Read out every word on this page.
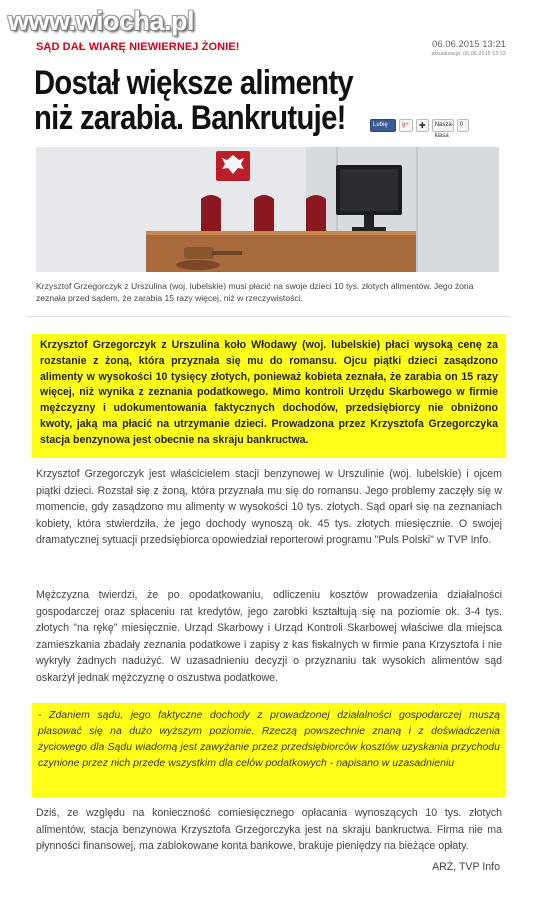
www.wiocha.pl
SĄD DAŁ WIARĘ NIEWIERNEJ ŻONIE!	06.06.2015 13:21
aktualizacja: 06.06.2015 13:22
Dostał większe alimenty niż zarabia. Bankrutuje!	Lubię to!
g+	✚	Nasza-klasa
0

Krzysztof Grzegorczyk z Urszulina (woj. lubelskie) musi płacić na swoje dzieci 10 tys. złotych alimentów. Jego żona zeznała przed sądem, że zarabia 15 razy więcej, niż w rzeczywistości.

Krzysztof Grzegorczyk z Urszulina koło Włodawy (woj. lubelskie) płaci wysoką cenę za rozstanie z żoną, która przyznała się mu do romansu. Ojcu piątki dzieci zasądzono alimenty w wysokości 10 tysięcy złotych, ponieważ kobieta zeznała, że zarabia on 15 razy więcej, niż wynika z zeznania podatkowego. Mimo kontroli Urzędu Skarbowego w firmie mężczyzny i udokumentowania faktycznych dochodów, przedsiębiorcy nie obniżono kwoty, jaką ma płacić na utrzymanie dzieci. Prowadzona przez Krzysztofa Grzegorczyka stacja benzynowa jest obecnie na skraju bankructwa.

Krzysztof Grzegorczyk jest właścicielem stacji benzynowej w Urszulinie (woj. lubelskie) i ojcem piątki dzieci. Rozstał się z żoną, która przyznała mu się do romansu. Jego problemy zaczęły się w momencie, gdy zasądzono mu alimenty w wysokości 10 tys. złotych. Sąd oparł się na zeznaniach kobiety, która stwierdziła, że jego dochody wynoszą ok. 45 tys. złotych miesięcznie. O swojej dramatycznej sytuacji przedsiębiorca opowiedział reporterowi programu "Puls Polski" w TVP Info.

Mężczyzna twierdzi, że po opodatkowaniu, odliczeniu kosztów prowadzenia działalności gospodarczej oraz spłaceniu rat kredytów, jego zarobki kształtują się na poziomie ok. 3-4 tys. złotych "na rękę" miesięcznie. Urząd Skarbowy i Urząd Kontroli Skarbowej właściwe dla miejsca zamieszkania zbadały zeznania podatkowe i zapisy z kas fiskalnych w firmie pana Krzysztofa i nie wykryły żadnych nadużyć. W uzasadnieniu decyzji o przyznaniu tak wysokich alimentów sąd oskarżył jednak mężczyznę o oszustwa podatkowe.

- Zdaniem sądu, jego faktyczne dochody z prowadzonej działalności gospodarczej muszą plasować się na dużo wyższym poziomie. Rzeczą powszechnie znaną i z doświadczenia życiowego dla Sądu wiadomą jest zawyżanie przez przedsiębiorców kosztów uzyskania przychodu czynione przez nich przede wszystkim dla celów podatkowych - napisano w uzasadnieniu

Dziś, ze względu na konieczność comiesięcznego opłacania wynoszących 10 tys. złotych alimentów, stacja benzynowa Krzysztofa Grzegorczyka jest na skraju bankructwa. Firma nie ma płynności finansowej, ma zablokowane konta bankowe, brakuje pieniędzy na bieżące opłaty.

ARŻ, TVP Info
